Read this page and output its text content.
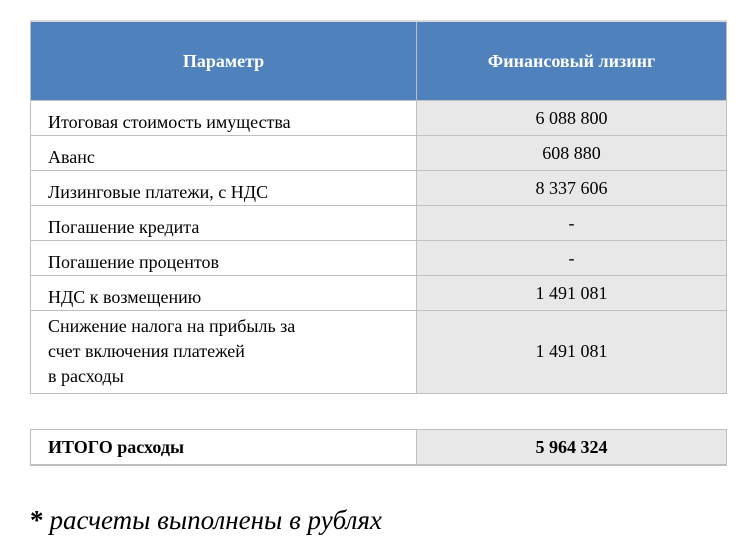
Параметр	Финансовый лизинг

Итоговая стоимость имущества	6 088 800

Аванс	608 880

Лизинговые платежи, с НДС	8 337 606

Погашение кредита	-

Погашение процентов	-

НДС к возмещению	1 491 081

Снижение налога на прибыль за
счет включения платежей
в расходы	1 491 081

ИТОГО расходы	5 964 324
* расчеты выполнены в рублях
